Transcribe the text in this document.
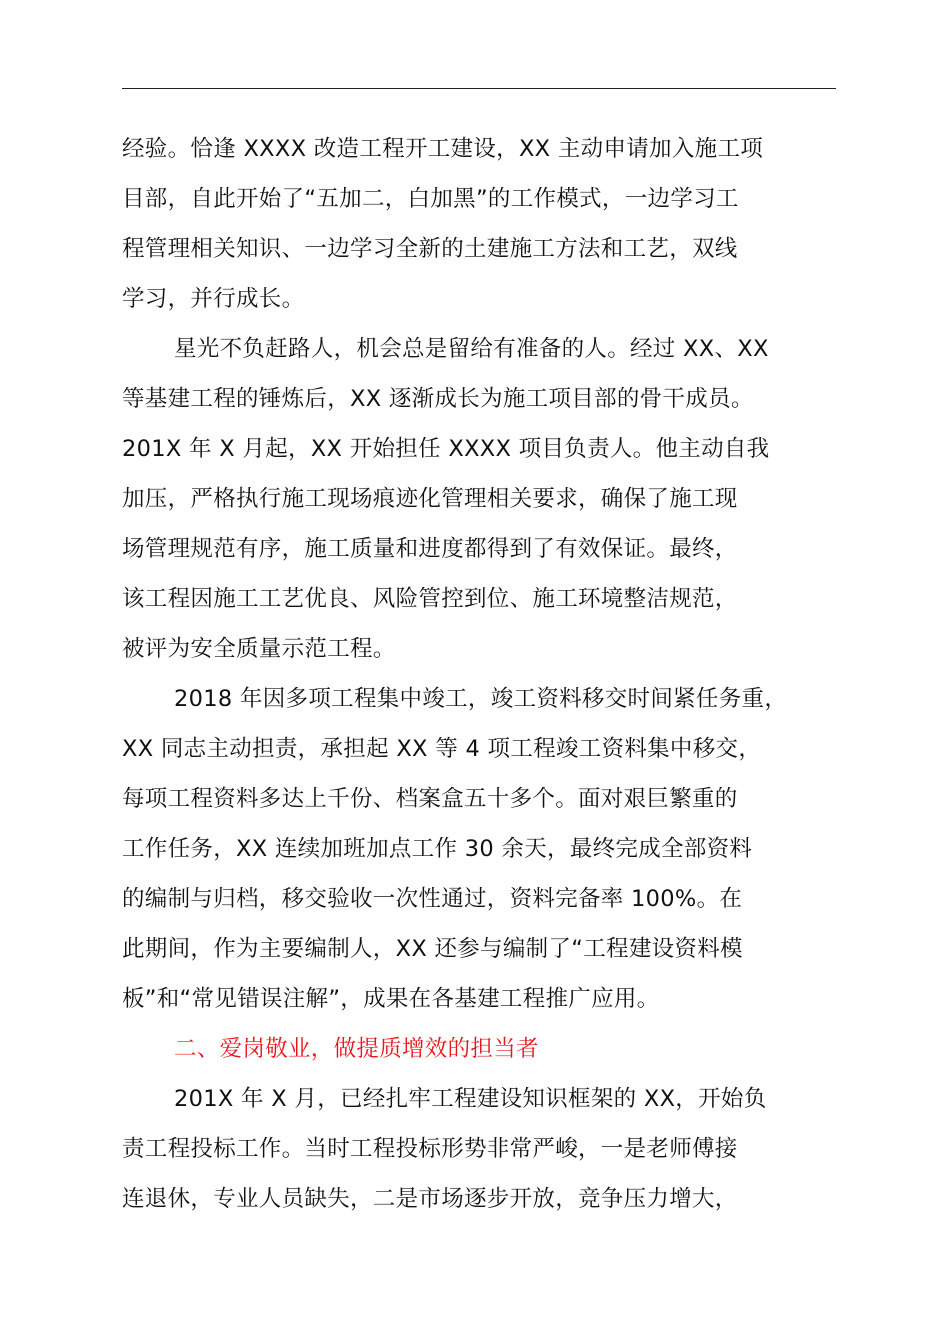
经验。恰逢 XXXX 改造工程开工建设，XX 主动申请加入施工项
目部，自此开始了“五加二，白加黑”的工作模式，一边学习工
程管理相关知识、一边学习全新的土建施工方法和工艺，双线
学习，并行成长。
星光不负赶路人，机会总是留给有准备的人。经过 XX、XX
等基建工程的锤炼后，XX 逐渐成长为施工项目部的骨干成员。
201X 年 X 月起，XX 开始担任 XXXX 项目负责人。他主动自我
加压，严格执行施工现场痕迹化管理相关要求，确保了施工现
场管理规范有序，施工质量和进度都得到了有效保证。最终，
该工程因施工工艺优良、风险管控到位、施工环境整洁规范，
被评为安全质量示范工程。
2018 年因多项工程集中竣工，竣工资料移交时间紧任务重，
XX 同志主动担责，承担起 XX 等 4 项工程竣工资料集中移交，
每项工程资料多达上千份、档案盒五十多个。面对艰巨繁重的
工作任务，XX 连续加班加点工作 30 余天，最终完成全部资料
的编制与归档，移交验收一次性通过，资料完备率 100%。在
此期间，作为主要编制人，XX 还参与编制了“工程建设资料模
板”和“常见错误注解”，成果在各基建工程推广应用。
二、爱岗敬业，做提质增效的担当者
201X 年 X 月，已经扎牢工程建设知识框架的 XX，开始负
责工程投标工作。当时工程投标形势非常严峻，一是老师傅接
连退休，专业人员缺失，二是市场逐步开放，竞争压力增大，
